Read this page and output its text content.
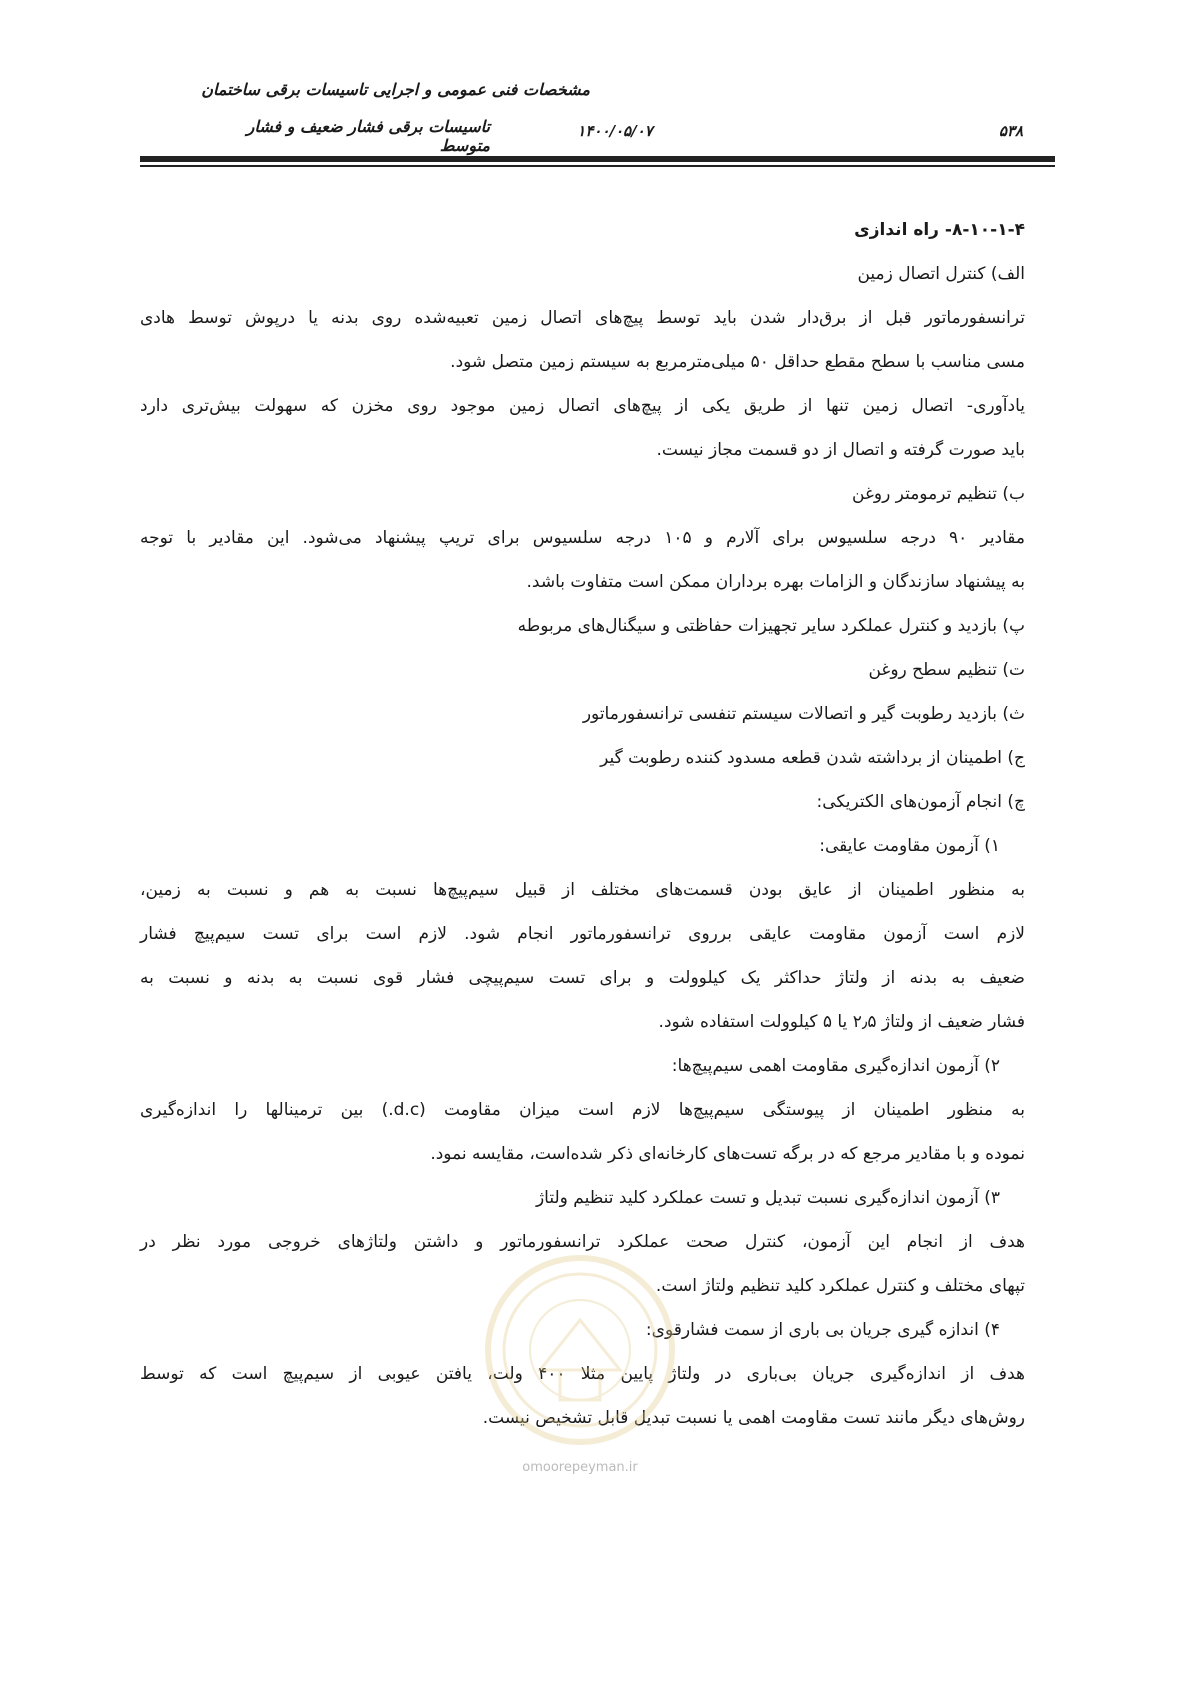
مشخصات فنی عمومی و اجرایی تاسیسات برقی ساختمان
تاسیسات برقی فشار ضعیف و فشار متوسط
۱۴۰۰/۰۵/۰۷	۵۳۸
۸-۱۰-۱-۴- راه اندازی
الف) کنترل اتصال زمین
ترانسفورماتور قبل از برق‌دار شدن باید توسط پیچ‌های اتصال زمین تعبیه‌شده روی بدنه یا درپوش توسط هادی
مسی مناسب با سطح مقطع حداقل ۵۰ میلی‌مترمربع به سیستم زمین متصل شود.
یادآوری- اتصال زمین تنها از طریق یکی از پیچ‌های اتصال زمین موجود روی مخزن که سهولت بیش‌تری دارد
باید صورت گرفته و اتصال از دو قسمت مجاز نیست.
ب) تنظیم ترمومتر روغن
مقادیر ۹۰ درجه سلسیوس برای آلارم و ۱۰۵ درجه سلسیوس برای تریپ پیشنهاد می‌شود. این مقادیر با توجه
به پیشنهاد سازندگان و الزامات بهره برداران ممکن است متفاوت باشد.
پ) بازدید و کنترل عملکرد سایر تجهیزات حفاظتی و سیگنال‌های مربوطه
ت) تنظیم سطح روغن
ث) بازدید رطوبت گیر و اتصالات سیستم تنفسی ترانسفورماتور
ج) اطمینان از برداشته شدن قطعه مسدود کننده رطوبت گیر
چ) انجام آزمون‌های الکتریکی:
۱) آزمون مقاومت عایقی:
به منظور اطمینان از عایق بودن قسمت‌های مختلف از قبیل سیم‌پیچ‌ها نسبت به هم و نسبت به زمین،
لازم است آزمون مقاومت عایقی برروی ترانسفورماتور انجام شود. لازم است برای تست سیم‌پیچ فشار
ضعیف به بدنه از ولتاژ حداکثر یک کیلوولت و برای تست سیم‌پیچی فشار قوی نسبت به بدنه و نسبت به
فشار ضعیف از ولتاژ ۲٫۵ یا ۵ کیلوولت استفاده شود.
۲) آزمون اندازه‌گیری مقاومت اهمی سیم‌پیچ‌ها:
به منظور اطمینان از پیوستگی سیم‌پیچ‌ها لازم است میزان مقاومت (d.c.) بین ترمینالها را اندازه‌گیری
نموده و با مقادیر مرجع که در برگه تست‌های کارخانه‌ای ذکر شده‌است، مقایسه نمود.
۳) آزمون اندازه‌گیری نسبت تبدیل و تست عملکرد کلید تنظیم ولتاژ
هدف از انجام این آزمون، کنترل صحت عملکرد ترانسفورماتور و داشتن ولتاژهای خروجی مورد نظر در
تپهای مختلف و کنترل عملکرد کلید تنظیم ولتاژ است.
۴) اندازه گیری جریان بی باری از سمت فشارقوی:
هدف از اندازه‌گیری جریان بی‌باری در ولتاژ پایین مثلا ۴۰۰ ولت، یافتن عیوبی از سیم‌پیچ است که توسط
روش‌های دیگر مانند تست مقاومت اهمی یا نسبت تبدیل قابل تشخیص نیست.
omoorepeyman.ir
